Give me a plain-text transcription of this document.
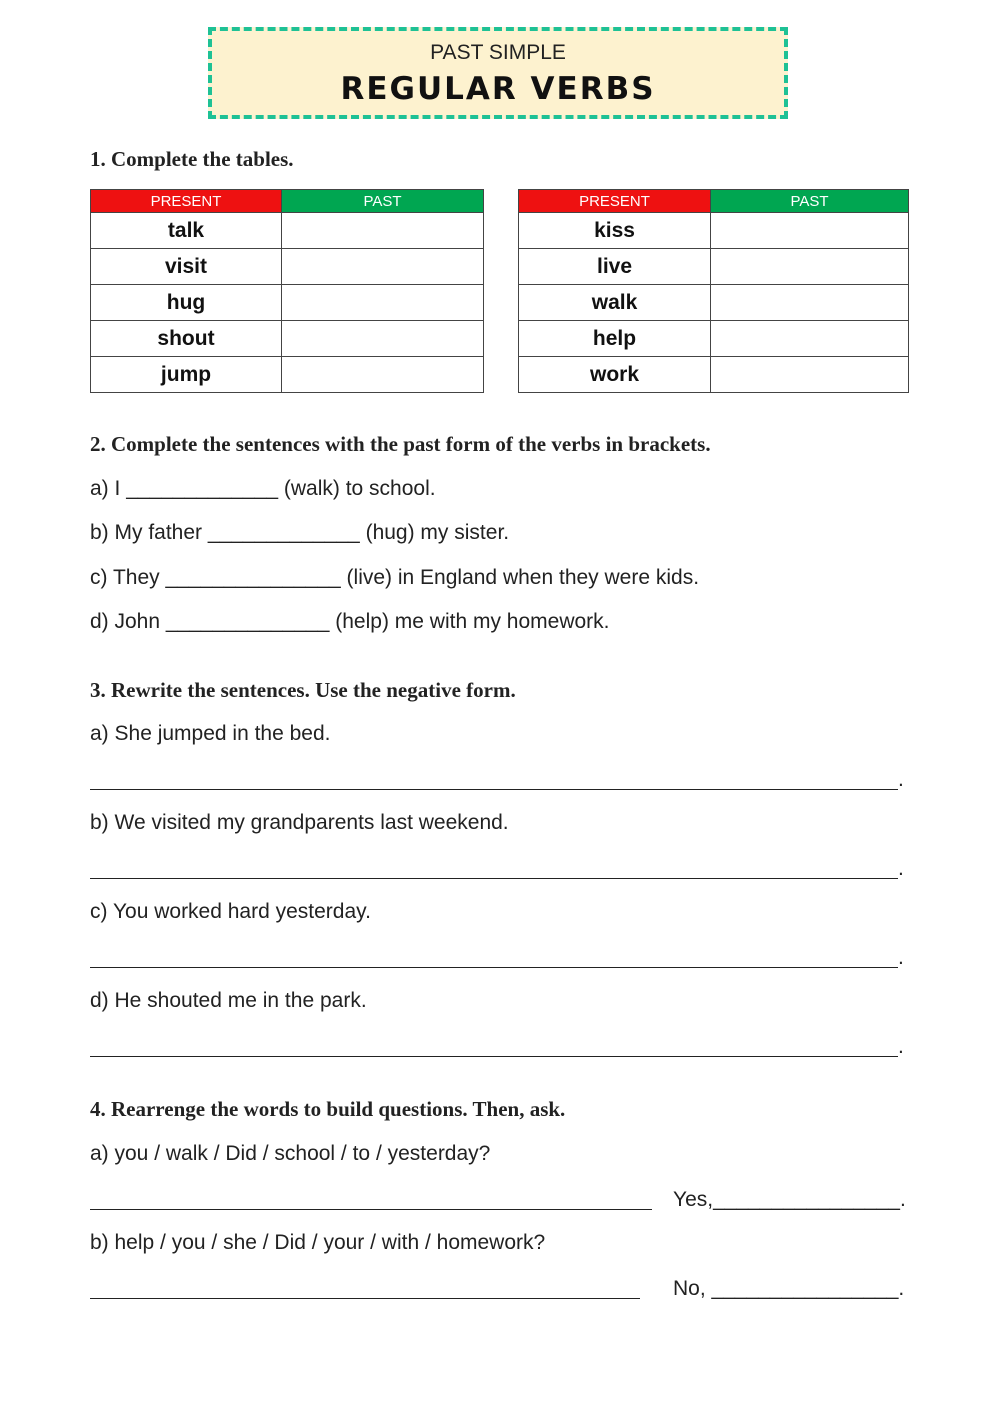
PAST SIMPLE
REGULAR VERBS
1. Complete the tables.
PRESENT	PAST
talk	
visit	
hug	
shout	
jump	
PRESENT	PAST
kiss	
live	
walk	
help	
work	
2. Complete the sentences with the past form of the verbs in brackets.
a) I _____________ (walk) to school.
b) My father _____________ (hug) my sister.
c) They _______________ (live) in England when they were kids.
d) John ______________ (help) me with my homework.
3. Rewrite the sentences. Use the negative form.
a) She jumped in the bed.
.
b) We visited my grandparents last weekend.
.
c) You worked hard yesterday.
.
d) He shouted me in the park.
.
4. Rearrenge the words to build questions. Then, ask.
a) you / walk / Did / school / to / yesterday?
Yes,________________.
b) help / you / she / Did / your / with / homework?
No, ________________.
